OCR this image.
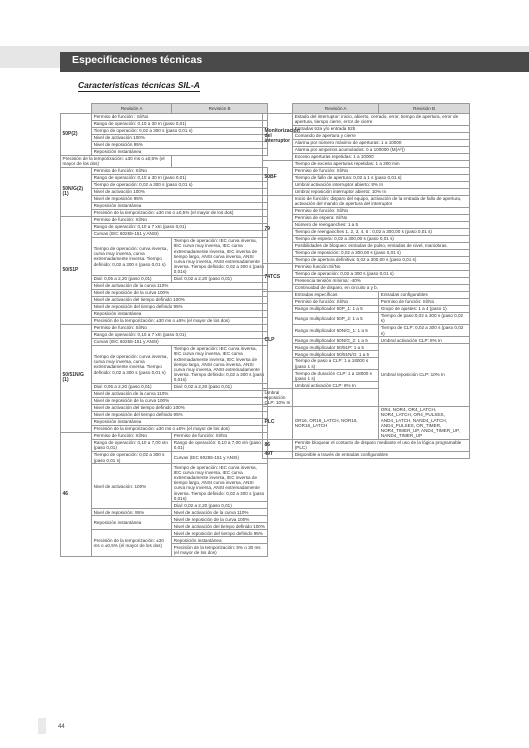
Especificaciones técnicas
Características técnicas SIL-A
	Revisión A	Revisión B
50P(2)	Permiso de función : Sí/No	
	Rango de operación: 0,10 a 30 In (paso 0,01)	
	Tiempo de operación: 0,02 a 300 s (paso 0,01 s)	
	Nivel de activación 100%	
	Nivel de reposición 95%	
	Reposición instantánea	
Precisión de la temporización: ±30 ms o ±0,5% (el mayor de los dos)		
50N/G(2) (1)	Permiso de función: Sí/No	
	Rango de operación: 0,10 a 30 In (paso 0,01)	
	Tiempo de operación: 0,02 a 300 s (paso 0,01 s)	
	Nivel de activación 100%	
	Nivel de reposición 95%	
	Reposición instantánea	
	Precisión de la temporización: ±30 ms o ±0,5% (el mayor de los dos)	
50/51P	Permiso de función: Sí/No	
	Rango de operación: 0,10 a 7 xIn (paso 0,01)	
	Curvas (IEC 60255-151 y ANSI)	
	Tiempo de operación: curva inversa, curva muy inversa, curva extremadamente inversa. Tiempo definido: 0,02 a 300 s (paso 0,01 s)	Tiempo de operación: IEC curva inversa, IEC curva muy inversa, IEC curva extremadamente inversa, IEC inversa de tiempo largo, ANSI curva inversa, ANSI curva muy inversa, ANSI extremadamente inversa. Tiempo definido: 0,02 a 300 s (paso 0,01s)
	Dial: 0,05 a 2,20 (paso 0,01)	Dial: 0,02 a 2,20 (paso 0,01)
	Nivel de activación de la curva 110%	
	Nivel de reposición de la curva 100%	
	Nivel de activación del tiempo definido 100%	
	Nivel de reposición del tiempo definido 95%	
	Reposición instantánea	
	Precisión de la temporización: ±30 ms o ±5% (el mayor de los dos)	
50/51N/G (1)	Permiso de función: Sí/No	
	Rango de operación: 0,10 a 7 xIn (paso 0,01)	
	Curvas (IEC 60255-151 y ANSI)	
	Tiempo de operación: curva inversa, curva muy inversa, curva extremadamente inversa. Tiempo definido: 0,02 a 300 s (paso 0,01 s)	Tiempo de operación: IEC curva inversa, IEC curva muy inversa, IEC curva extremadamente inversa, IEC inversa de tiempo largo, ANSI curva inversa, ANSI curva muy inversa, ANSI extremadamente inversa. Tiempo definido: 0,02 a 300 s (paso 0,01s)
	Dial: 0,05 a 2,20 (paso 0,01)	Dial: 0,02 a 2,20 (paso 0,01)
	Nivel de activación de la curva 110%	
	Nivel de reposición de la curva 100%	
	Nivel de activación del tiempo definido 100%	
	Nivel de reposición del tiempo definido 95%	
	Reposición instantánea	
	Precisión de la temporización: ±30 ms o ±5% (el mayor de los dos)	
46	Permiso de función: Sí/No	Permiso de función: Sí/No
	Rango de operación: 0,10 a 7,00 xIn (paso 0,01)	Rango de operación: 0,10 a 7,00 xIn (paso 0,01)
	Tiempo de operación: 0,02 a 300 s (paso 0,01 s)	Curvas (IEC 60255-151 y ANSI)
	Nivel de activación: 100%	Tiempo de operación: IEC curva inversa, IEC curva muy inversa, IEC curva extremadamente inversa, IEC inversa de tiempo largo, ANSI curva inversa, ANSI curva muy inversa, ANSI extremadamente inversa. Tiempo definido: 0,02 a 300 s (paso 0,01s)
		Dial: 0,02 a 2,20 (paso 0,01)
	Nivel de reposición: 95%	Nivel de activación de la curva 110%
	Reposición instantánea	Nivel de reposición de la curva 100%
		Nivel de activación del tiempo definido 100%
	Precisión de la temporización: ±30 ms o ±0,5% (el mayor de los dos)	Nivel de reposición del tiempo definido 95%
		Reposición instantánea
		Precisión de la temporización: 5% o 30 ms (el mayor de los dos)
	Revisión A	Revisión B
Monitorización del interruptor	Estado del interruptor: inicio, abierto, cerrado, error, tiempo de apertura, error de apertura, tiempo cierre, error de cierre	
	Entradas 52a y/o entrada 52b	
	Comando de apertura y cierre	
	Alarma por número máximo de aperturas: 1 a 10000	
	Alarma por amperios acumulados: 0 a 100000 (M(A²))	
	Exceso aperturas repetidas: 1 a 10000	
50BF	Tiempo de exceso aperturas repetidas: 1 a 300 min	
	Permiso de función: Sí/No	
	Tiempo de fallo de apertura: 0,02 a 1 s (paso 0,01 s)	
	Umbral activación interruptor abierto: 8% In	
	Umbral reposición interruptor abierto: 10% In	
79	Inicio de función: disparo del equipo, activación de la entrada de fallo de apertura, activación del mando de apertura del interruptor	
	Permiso de función: Sí/No	
	Permiso de espera: Sí/No	
	Número de reenganches: 1 a 5	
	Tiempo de reenganches 1, 2, 3, 4, 5 : 0,02 a 300,00 s (paso 0,01 s)	
	Tiempo de espera: 0,02 a 300,00 s (paso 0,01 s)	
	Posibilidades de bloqueo: entradas de pulso, entradas de nivel, maniobras.	
	Tiempo de reposición: 0,02 a 300,00 s (paso 0,01 s)	
	Tiempo de apertura definitiva: 0,02 a 300,00 s (paso 0,01 s)	
74TCS	Permiso función:Sí/No	
	Tiempo de operación: 0,02 a 300 s (paso 0,01 s)	
	Presencia tensión mínima: -40%	
	Continuidad de disparo, en circuito a y b.	
CLP	Entradas específicas	Entradas configurables
	Permiso de función: Sí/No	Permiso de función: Sí/No
	Rango multiplicador 50P_1: 1 a 5	Grupo de ajustes: 1 a 4 (paso 1)
	Rango multiplicador 50P_2: 1 a 5	Tiempo de paso:0,02 a 300 s (paso 0,02 s)
	Rango multiplicador 50N/G_1: 1 a 5	Tiempo de CLP: 0,02 a 300 s (paso 0,02 s)
	Rango multiplicador 50N/G_2: 1 a 5	Umbral activación CLP: 8% In
	Rango multiplicador 50/51P: 1 a 5	Umbral reposición CLP: 10% In
	Rango multiplicador 50/51N/G: 1 a 5	
	Tiempo de paso a CLP: 1 a 18000 s (paso 1 s)	
	Tiempo de duración CLP: 1 a 18000 s (paso 1 s)	
	Umbral activación CLP: 8% In	
Umbral reposición CLP: 10% In		
PLC	OR16, OR16_LATCH, NOR16, NOR16_LATCH	OR4, NOR4, OR4_LATCH, NOR4_LATCH, OR4_PULSES, AND4_LATCH, NAND4_LATCH, AND4_PULSES, OR_TIMER, NOR4_TIMER_UP, AND4_TIMER_UP, NAND4_TIMER_UP
86	Permite bloquear el contacto de disparo mediante el uso de la lógica programable (PLC)	
49T	Disponible a través de entradas configurables	
44
